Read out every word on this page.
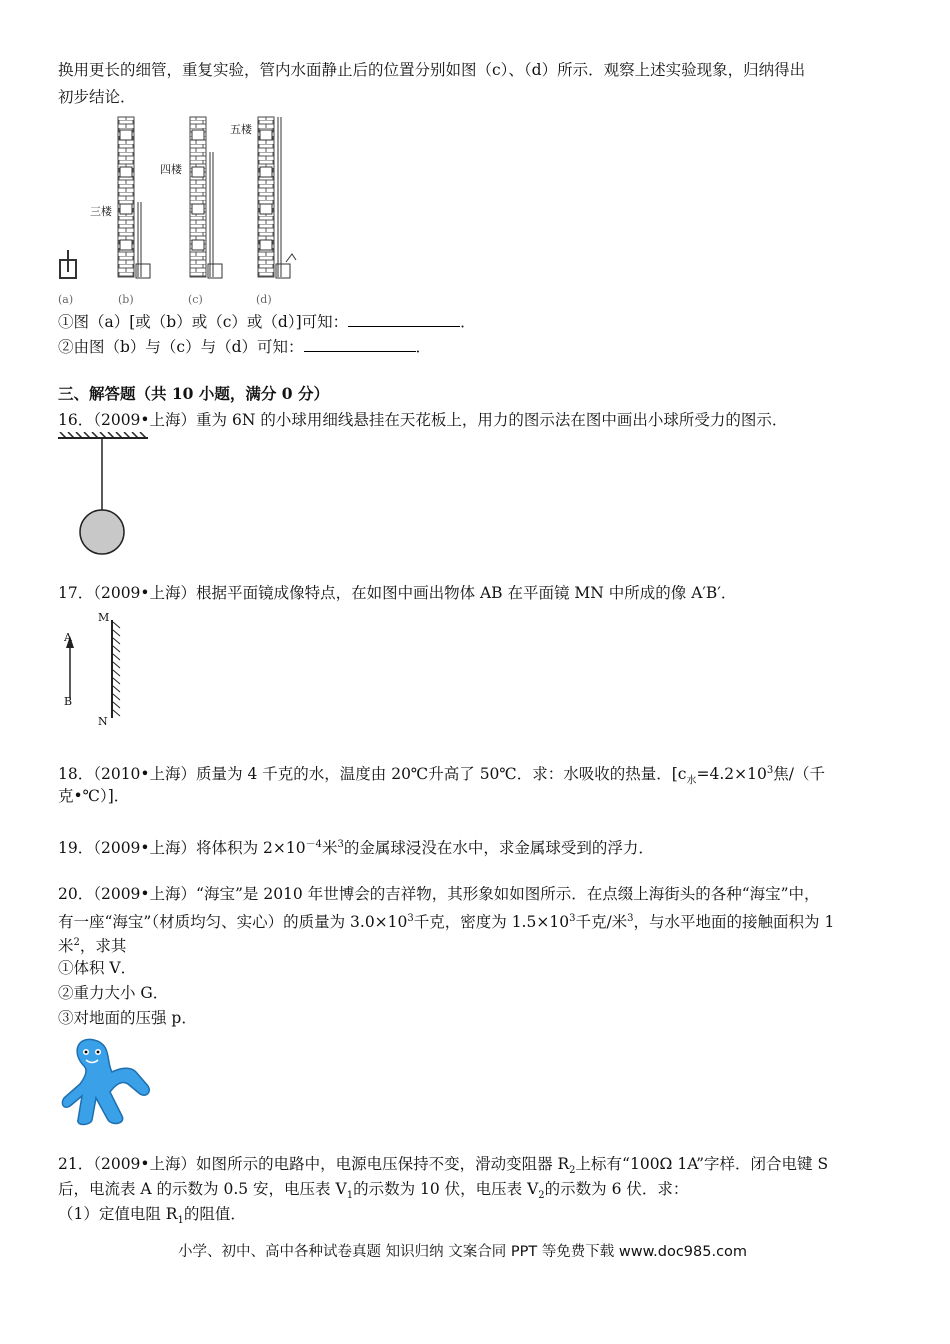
换用更长的细管，重复实验，管内水面静止后的位置分别如图（c）、（d）所示．观察上述实验现象，归纳得出
初步结论．
三楼
四楼
五楼
(a)	(b)	(c)	(d)
①图（a）[或（b）或（c）或（d）]可知：	．
②由图（b）与（c）与（d）可知：	．
三、解答题（共 10 小题，满分 0 分）
16．（2009•上海）重为 6N 的小球用细线悬挂在天花板上，用力的图示法在图中画出小球所受力的图示．
17．（2009•上海）根据平面镜成像特点，在如图中画出物体 AB 在平面镜 MN 中所成的像 A′B′．
A
B
M
N
18．（2010•上海）质量为 4 千克的水，温度由 20℃升高了 50℃．求：水吸收的热量．[$c_水=4.2\times 10^3$焦/（千
克•℃）]．
19．（2009•上海）将体积为 $2\times 10^{-4}$米$^3$的金属球浸没在水中，求金属球受到的浮力．
20．（2009•上海）“海宝”是 2010 年世博会的吉祥物，其形象如如图所示．在点缀上海街头的各种“海宝”中，
有一座“海宝”（材质均匀、实心）的质量为 $3.0\times 10^3$千克，密度为 $1.5\times 10^3$千克/米$^3$，与水平地面的接触面积为 1
米$^2$，求其
①体积 V．
②重力大小 G．
③对地面的压强 p．
21．（2009•上海）如图所示的电路中，电源电压保持不变，滑动变阻器 $R_2$上标有“100Ω 1A”字样．闭合电键 S
后，电流表 A 的示数为 0.5 安，电压表 $V_1$的示数为 10 伏，电压表 $V_2$的示数为 6 伏．求：
（1）定值电阻 $R_1$的阻值．
小学、初中、高中各种试卷真题 知识归纳 文案合同 PPT 等免费下载 www.doc985.com
